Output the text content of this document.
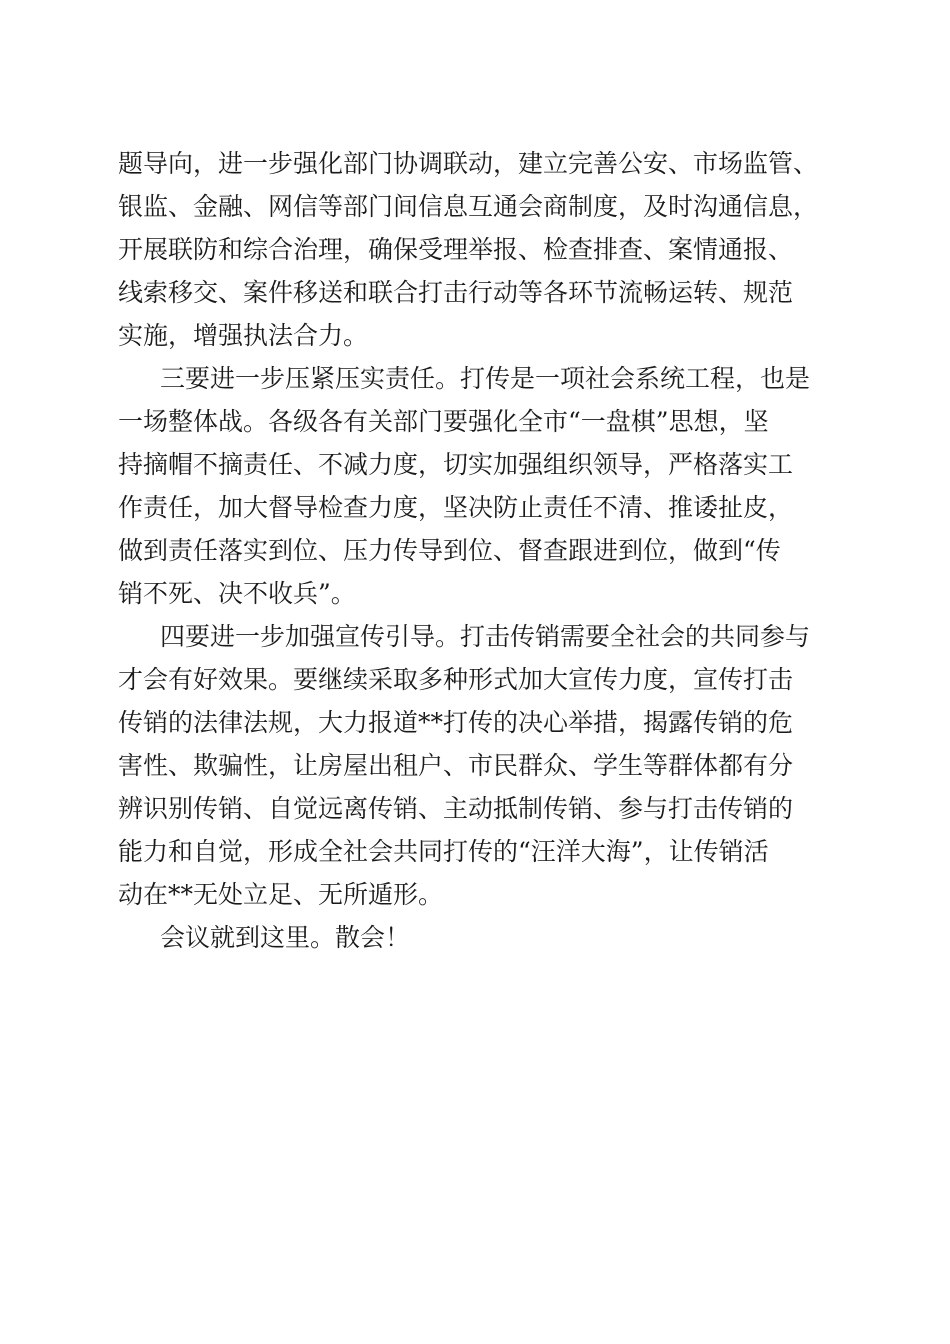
题导向，进一步强化部门协调联动，建立完善公安、市场监管、
银监、金融、网信等部门间信息互通会商制度，及时沟通信息，
开展联防和综合治理，确保受理举报、检查排查、案情通报、
线索移交、案件移送和联合打击行动等各环节流畅运转、规范
实施，增强执法合力。
三要进一步压紧压实责任。打传是一项社会系统工程，也是
一场整体战。各级各有关部门要强化全市“一盘棋”思想，坚
持摘帽不摘责任、不减力度，切实加强组织领导，严格落实工
作责任，加大督导检查力度，坚决防止责任不清、推诿扯皮，
做到责任落实到位、压力传导到位、督查跟进到位，做到“传
销不死、决不收兵”。
四要进一步加强宣传引导。打击传销需要全社会的共同参与
才会有好效果。要继续采取多种形式加大宣传力度，宣传打击
传销的法律法规，大力报道**打传的决心举措，揭露传销的危
害性、欺骗性，让房屋出租户、市民群众、学生等群体都有分
辨识别传销、自觉远离传销、主动抵制传销、参与打击传销的
能力和自觉，形成全社会共同打传的“汪洋大海”，让传销活
动在**无处立足、无所遁形。
会议就到这里。散会！
